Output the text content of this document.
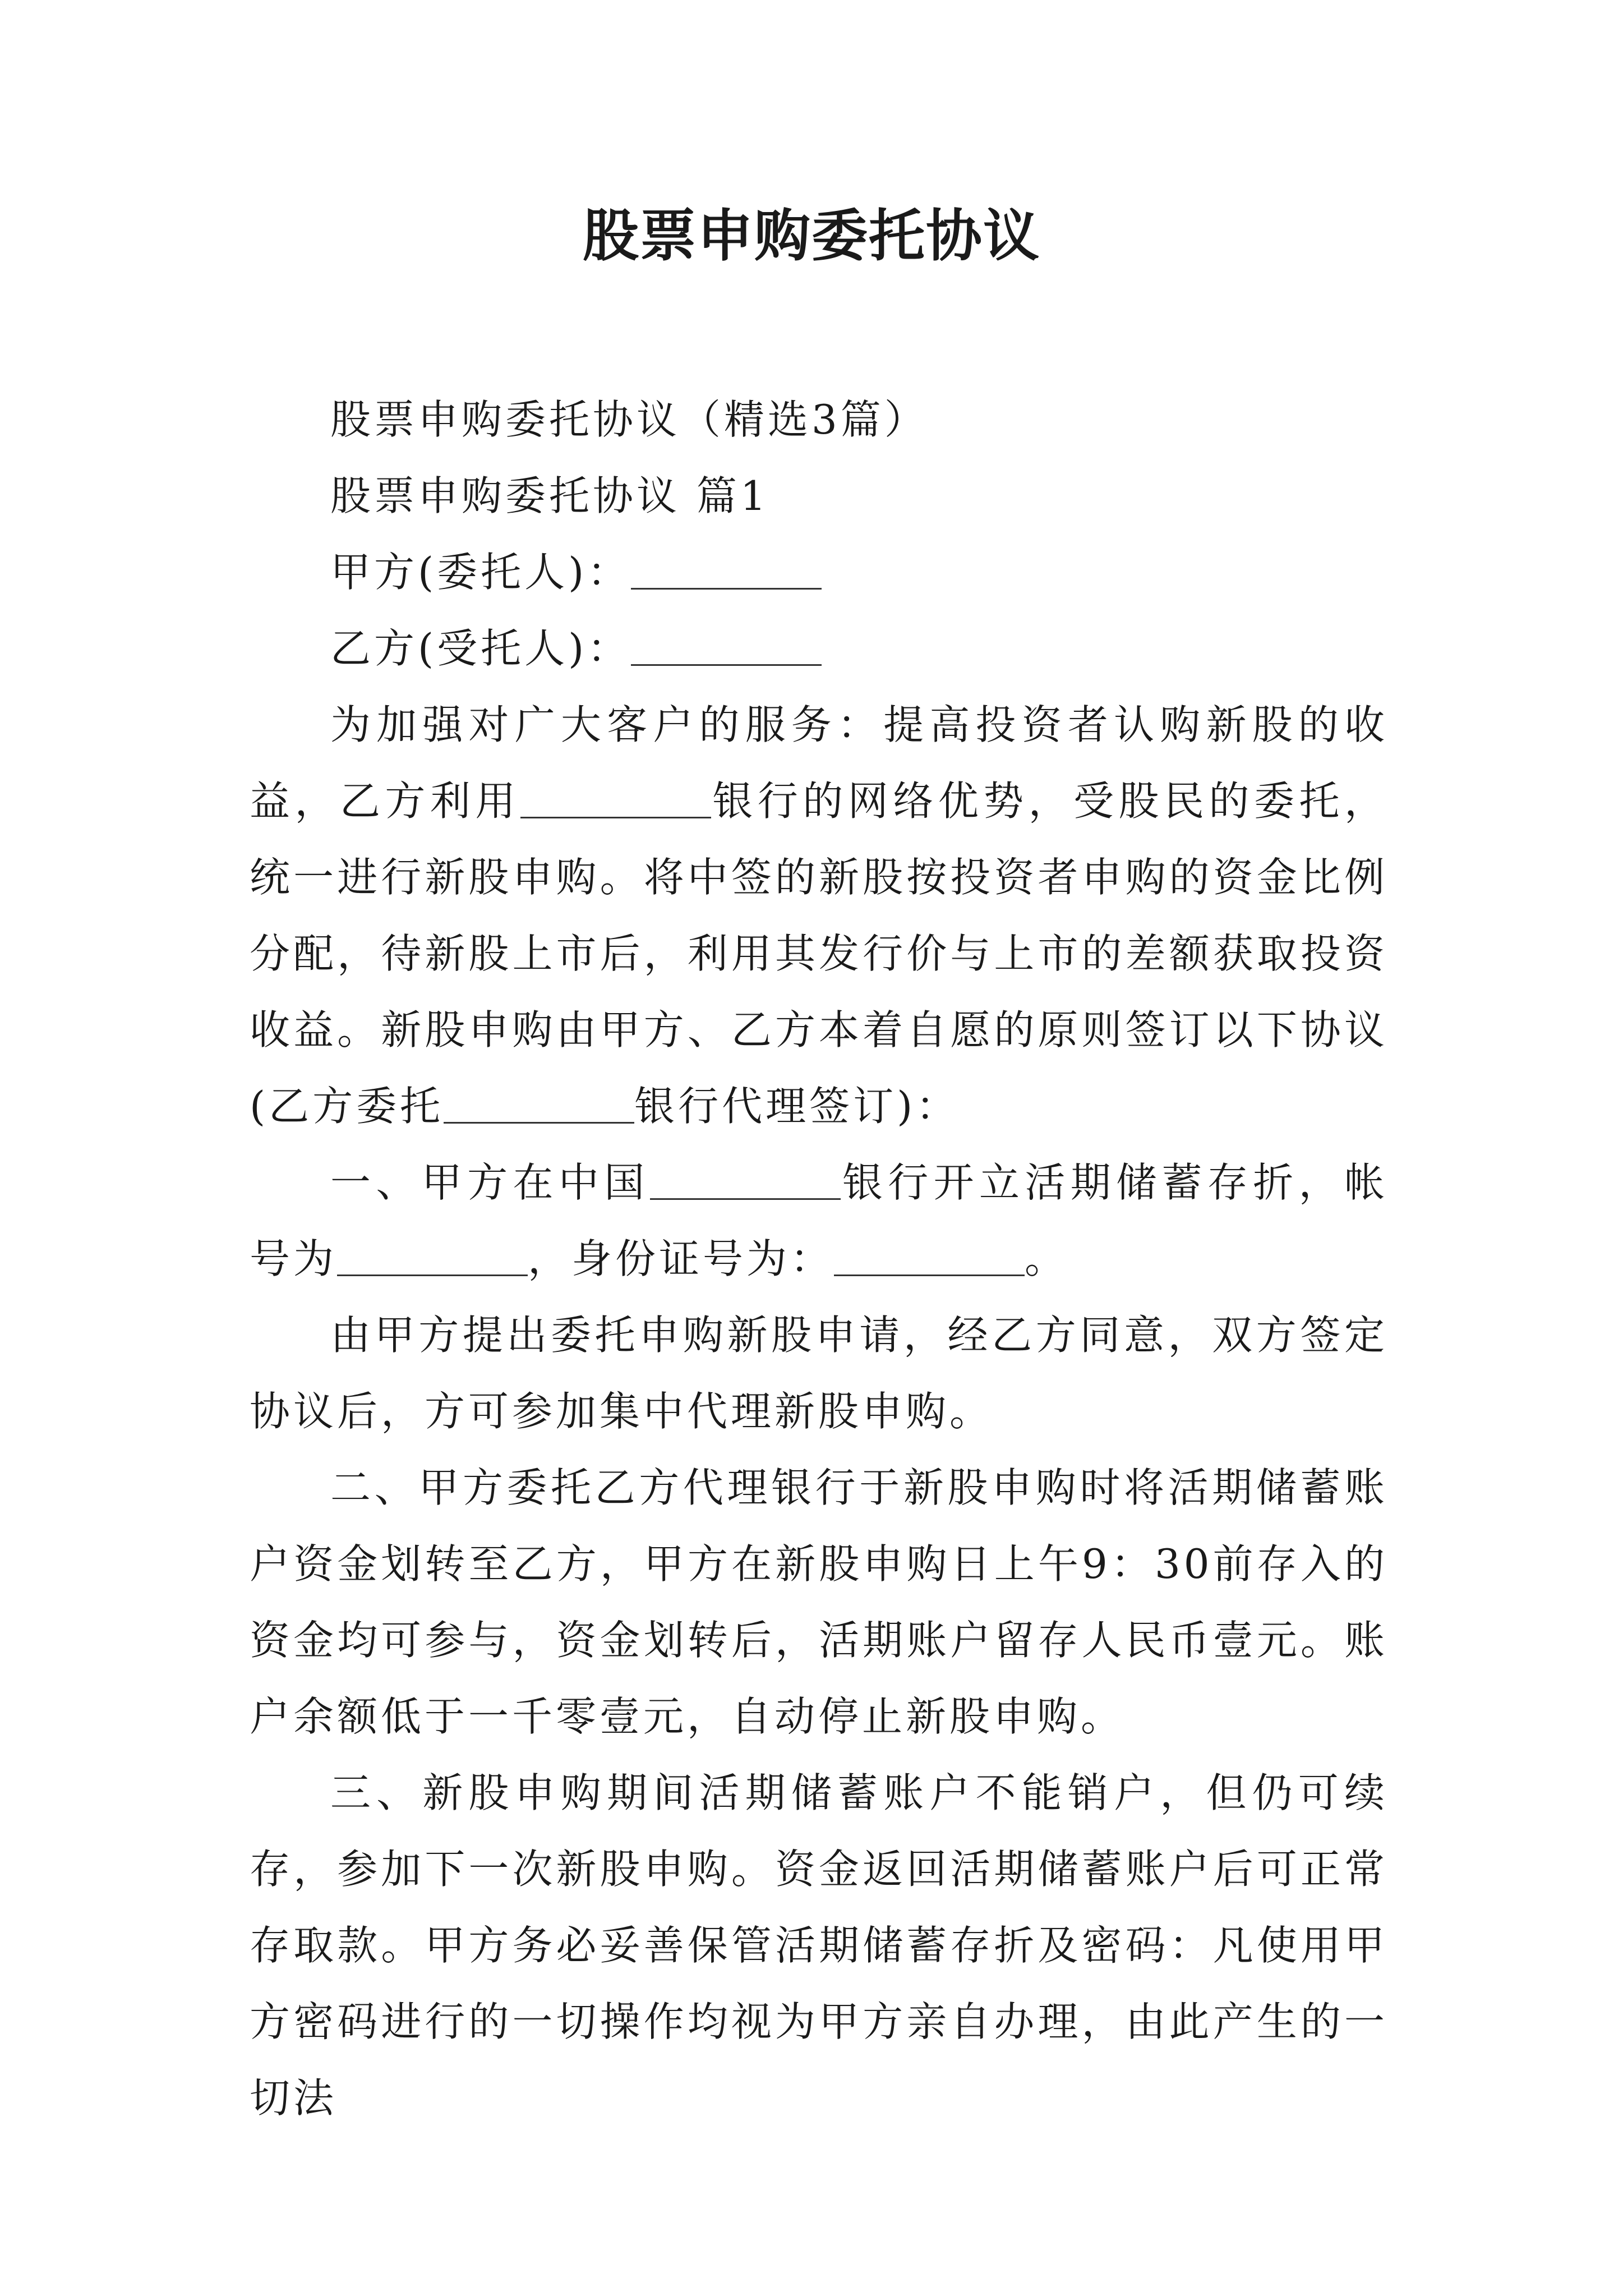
股票申购委托协议

股票申购委托协议（精选3篇）

股票申购委托协议 篇1

甲方(委托人)：

乙方(受托人)：

为加强对广大客户的服务：提高投资者认购新股的收益，乙方利用	银行的网络优势，受股民的委托，统一进行新股申购。将中签的新股按投资者申购的资金比例分配，待新股上市后，利用其发行价与上市的差额获取投资收益。新股申购由甲方、乙方本着自愿的原则签订以下协议(乙方委托	银行代理签订)：

一、甲方在中国	银行开立活期储蓄存折，帐号为	，身份证号为：	。

由甲方提出委托申购新股申请，经乙方同意，双方签定协议后，方可参加集中代理新股申购。

二、甲方委托乙方代理银行于新股申购时将活期储蓄账户资金划转至乙方，甲方在新股申购日上午9：30前存入的资金均可参与，资金划转后，活期账户留存人民币壹元。账户余额低于一千零壹元，自动停止新股申购。

三、新股申购期间活期储蓄账户不能销户，但仍可续存，参加下一次新股申购。资金返回活期储蓄账户后可正常存取款。甲方务必妥善保管活期储蓄存折及密码：凡使用甲方密码进行的一切操作均视为甲方亲自办理，由此产生的一切法
